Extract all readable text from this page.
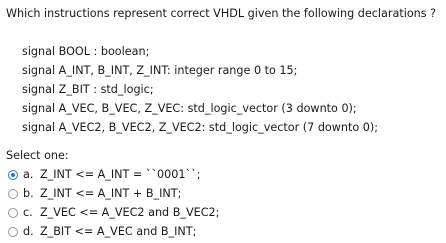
Which instructions represent correct VHDL given the following declarations ?
signal BOOL : boolean;
signal A_INT, B_INT, Z_INT: integer range 0 to 15;
signal Z_BIT : std_logic;
signal A_VEC, B_VEC, Z_VEC: std_logic_vector (3 downto 0);
signal A_VEC2, B_VEC2, Z_VEC2: std_logic_vector (7 downto 0);
Select one:
a. Z_INT <= A_INT = ``0001``;
b. Z_INT <= A_INT + B_INT;
c. Z_VEC <= A_VEC2 and B_VEC2;
d. Z_BIT <= A_VEC and B_INT;
